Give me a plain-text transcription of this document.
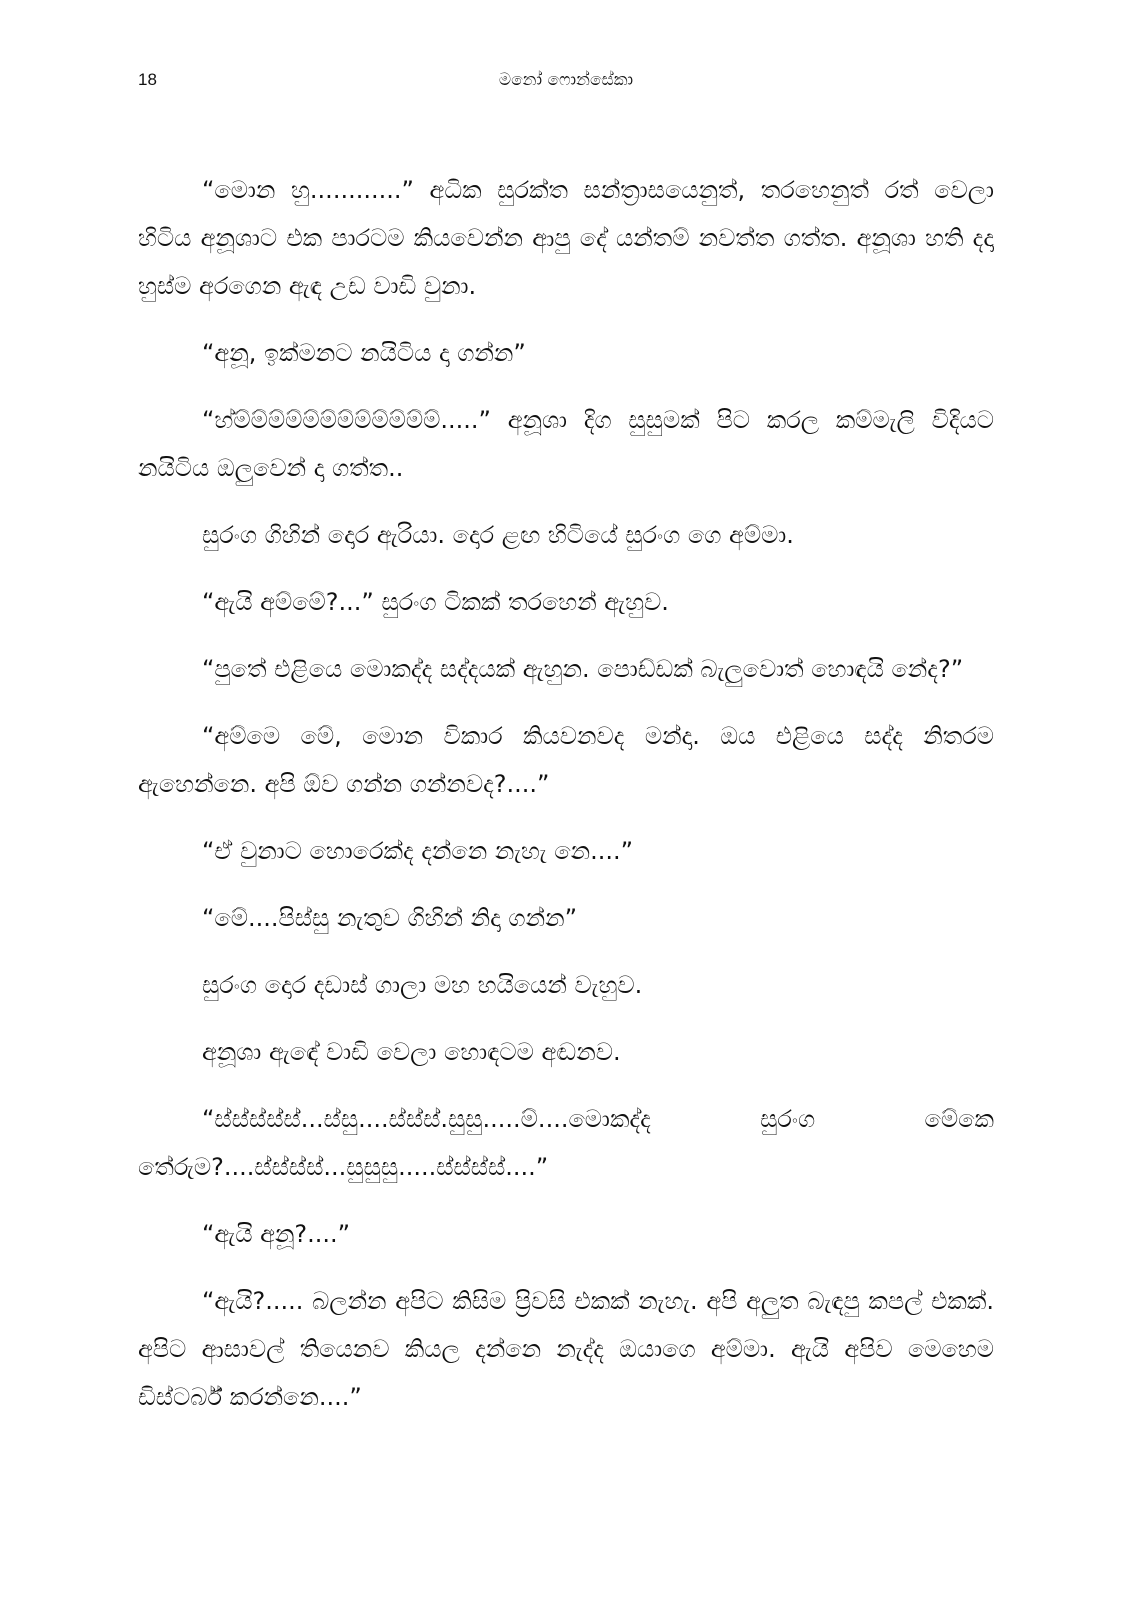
18	මනෝ ෆොන්සේකා

“මොන හු............” අධික සුරක්ත සන්ත්‍රාසයෙනුත්, තරහෙනුත් රත් වෙලා හිටිය අනූශාට එක පාරටම කියවෙන්න ආපු දේ යන්තම් නවත්ත ගත්ත. අනූශා හති දදා හුස්ම අරගෙන ඇඳ උඩ වාඩි වුනා.

“අනූ, ඉක්මනට නයිටිය දා ගන්න”

“හ්ම්ම්ම්ම්ම්ම්ම්ම්ම්ම්ම්ම්.....” අනූශා දිග සුසුමක් පිට කරල කම්මැලි විදියට නයිටිය ඔලුවෙන් දා ගත්ත..

සුරංග ගිහින් දොර ඇරියා. දොර ළඟ හිටියේ සුරංග ගෙ අම්මා.

“ඇයි අම්මේ?...” සුරංග ටිකක් තරහෙන් ඇහුව.

“පුතේ එළියෙ මොකද්ද සද්දයක් ඇහුන. පොඩ්ඩක් බැලුවොත් හොඳයි නේද?”

“අම්මෙ මේ, මොන විකාර කියවනවද මන්දා. ඔය එළියෙ සද්ද නිතරම ඇහෙන්නෙ. අපි ඕව ගන්න ගන්නවද?....”

“ඒ වුනාට හොරෙක්ද දන්නෙ නැහැ නෙ....”

“මේ....පිස්සු නැතුව ගිහින් නිදා ගන්න”

සුරංග දොර දඩාස් ගාලා මහ හයියෙන් වැහුව.

අනූශා ඇඳේ වාඩි වෙලා හොඳටම අඬනව.

“ස්ස්ස්ස්ස්...ස්සු....ස්ස්ස්.සුසු.....ම්....මොකද්ද සුරංග මේකෙ තේරුම?....ස්ස්ස්ස්...සුසුසු.....ස්ස්ස්ස්....”

“ඇයි අනූ?....”

“ඇයි?..... බලන්න අපිට කිසිම ප්‍රිවසි එකක් නැහැ. අපි අලුත බැඳපු කපල් එකක්. අපිට ආසාවල් තියෙනව කියල දන්නෙ නැද්ද ඔයාගෙ අම්මා. ඇයි අපිව මෙහෙම ඩිස්ටර්බ් කරන්නෙ....”
